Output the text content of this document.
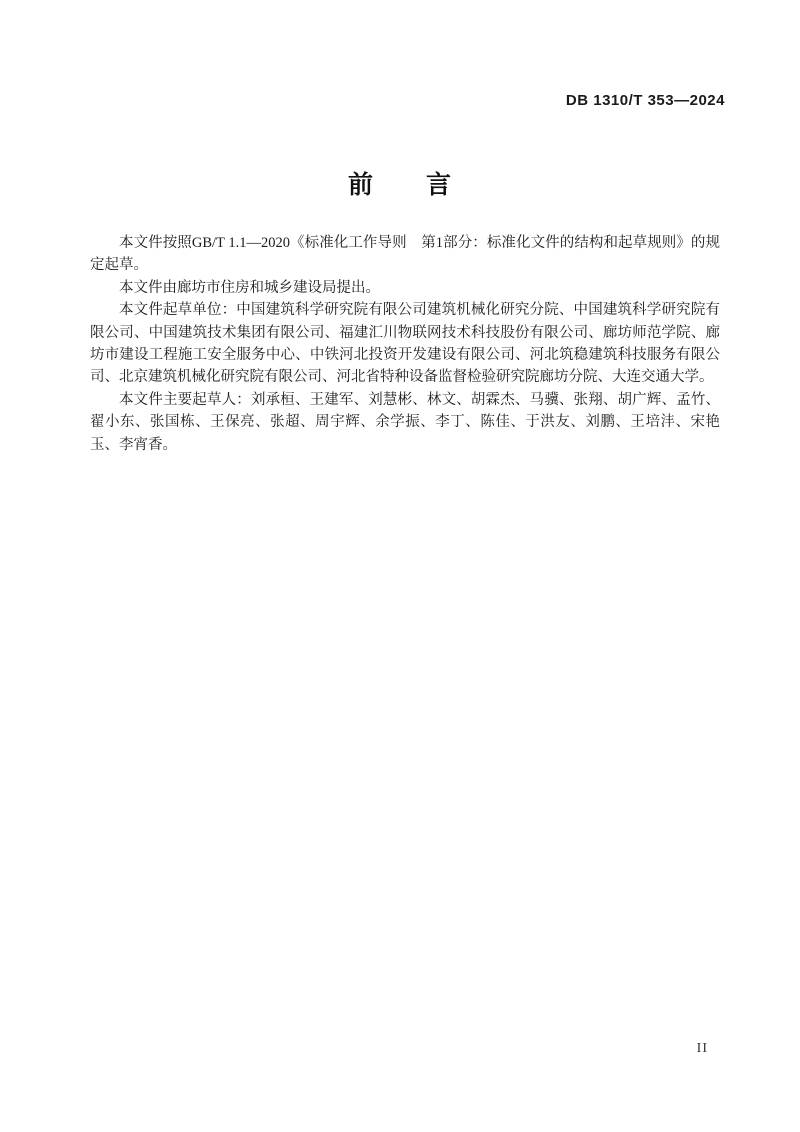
DB 1310/T 353—2024
前　　言

本文件按照GB/T 1.1—2020《标准化工作导则　第1部分：标准化文件的结构和起草规则》的规定起草。

本文件由廊坊市住房和城乡建设局提出。

本文件起草单位：中国建筑科学研究院有限公司建筑机械化研究分院、中国建筑科学研究院有限公司、中国建筑技术集团有限公司、福建汇川物联网技术科技股份有限公司、廊坊师范学院、廊坊市建设工程施工安全服务中心、中铁河北投资开发建设有限公司、河北筑稳建筑科技服务有限公司、北京建筑机械化研究院有限公司、河北省特种设备监督检验研究院廊坊分院、大连交通大学。

本文件主要起草人：刘承桓、王建军、刘慧彬、林文、胡霖杰、马骥、张翔、胡广辉、孟竹、翟小东、张国栋、王保亮、张超、周宇辉、余学振、李丁、陈佳、于洪友、刘鹏、王培沣、宋艳玉、李宵香。

II
